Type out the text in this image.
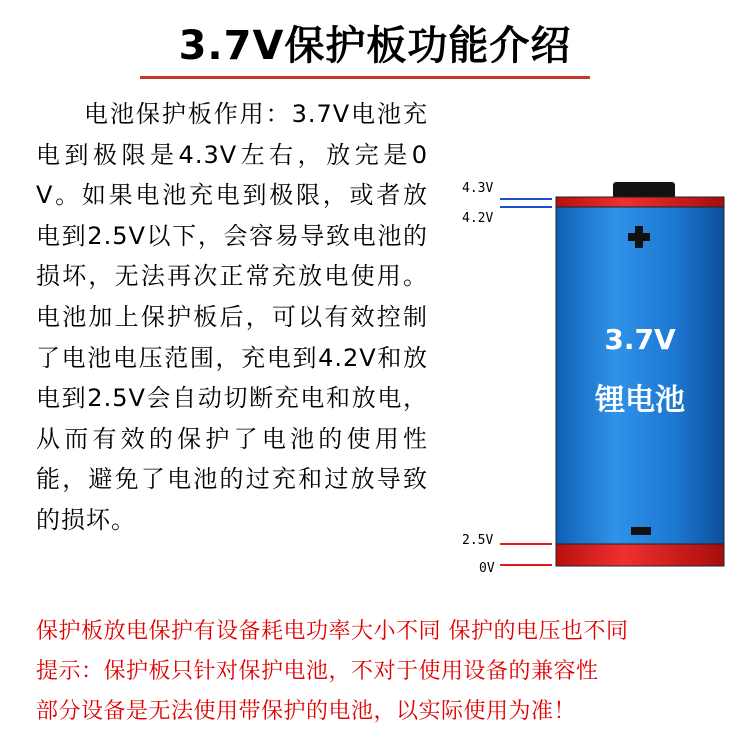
3.7V保护板功能介绍
电池保护板作用：3.7V电池充电到极限是4.3V左右，放完是0V。如果电池充电到极限，或者放电到2.5V以下，会容易导致电池的损坏，无法再次正常充放电使用。电池加上保护板后，可以有效控制了电池电压范围，充电到4.2V和放电到2.5V会自动切断充电和放电，从而有效的保护了电池的使用性能，避免了电池的过充和过放导致的损坏。
3.7V
锂电池
4.3V
4.2V
2.5V
0V
保护板放电保护有设备耗电功率大小不同 保护的电压也不同
提示：保护板只针对保护电池，不对于使用设备的兼容性
部分设备是无法使用带保护的电池，以实际使用为准！
